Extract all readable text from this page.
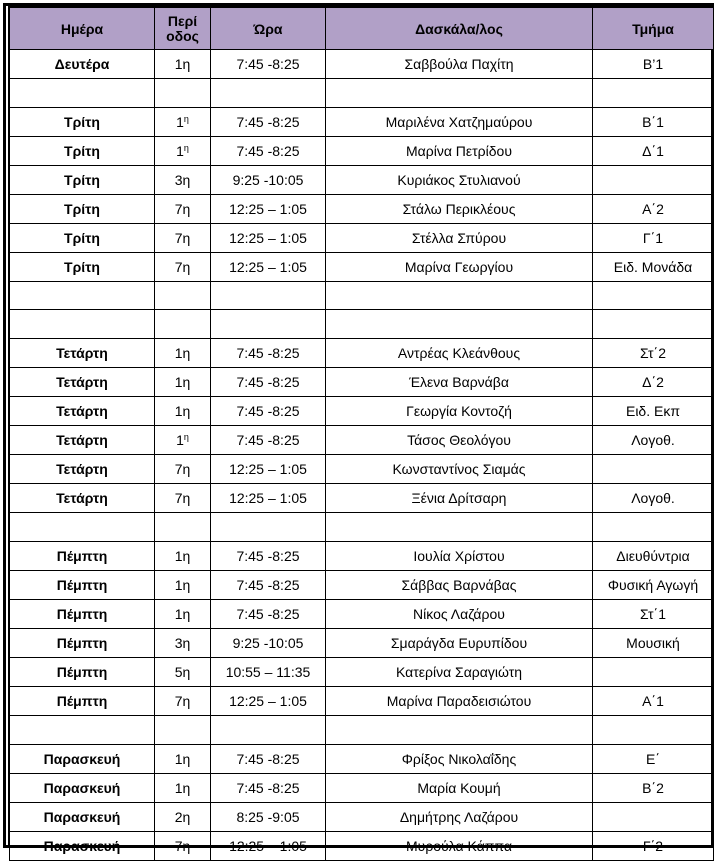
Ημέρα	Περί οδος	Ώρα	Δασκάλα/λος	Τμήμα
Δευτέρα	1η	7:45 -8:25	Σαββούλα Παχίτη	Β’1

Τρίτη	$1^\eta$	7:45 -8:25	Μαριλένα Χατζημαύρου	Β΄1
Τρίτη	$1^\eta$	7:45 -8:25	Μαρίνα Πετρίδου	Δ΄1
Τρίτη	3η	9:25 -10:05	Κυριάκος Στυλιανού	
Τρίτη	7η	12:25 – 1:05	Στάλω Περικλέους	Α΄2
Τρίτη	7η	12:25 – 1:05	Στέλλα Σπύρου	Γ΄1
Τρίτη	7η	12:25 – 1:05	Μαρίνα Γεωργίου	Ειδ. Μονάδα

Τετάρτη	1η	7:45 -8:25	Αντρέας Κλεάνθους	Στ΄2
Τετάρτη	1η	7:45 -8:25	Έλενα Βαρνάβα	Δ΄2
Τετάρτη	1η	7:45 -8:25	Γεωργία Κοντοζή	Ειδ. Εκπ
Τετάρτη	$1^\eta$	7:45 -8:25	Τάσος Θεολόγου	Λογοθ.
Τετάρτη	7η	12:25 – 1:05	Κωνσταντίνος Σιαμάς	
Τετάρτη	7η	12:25 – 1:05	Ξένια Δρίτσαρη	Λογοθ.

Πέμπτη	1η	7:45 -8:25	Ιουλία Χρίστου	Διευθύντρια
Πέμπτη	1η	7:45 -8:25	Σάββας Βαρνάβας	Φυσική Αγωγή
Πέμπτη	1η	7:45 -8:25	Νίκος Λαζάρου	Στ΄1
Πέμπτη	3η	9:25 -10:05	Σμαράγδα Ευρυπίδου	Μουσική
Πέμπτη	5η	10:55 – 11:35	Κατερίνα Σαραγιώτη	
Πέμπτη	7η	12:25 – 1:05	Μαρίνα Παραδεισιώτου	Α΄1

Παρασκευή	1η	7:45 -8:25	Φρίξος Νικολαΐδης	Ε΄
Παρασκευή	1η	7:45 -8:25	Μαρία Κουμή	Β΄2
Παρασκευή	2η	8:25 -9:05	Δημήτρης Λαζάρου	
Παρασκευή	7η	12:25 – 1:05	Μυρούλα Κάππα	Γ΄2
